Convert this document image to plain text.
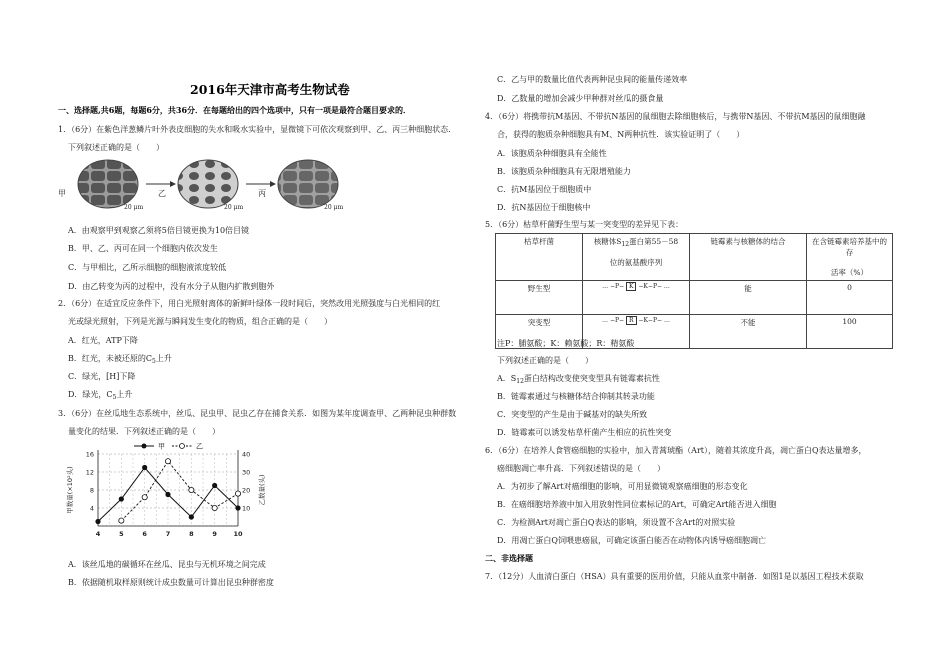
2016年天津市高考生物试卷
一、选择题,共6题，每题6分，共36分．在每题给出的四个选项中，只有一项是最符合题目要求的．
1．（6分）在紫色洋葱鳞片叶外表皮细胞的失水和吸水实验中，显微镜下可依次观察到甲、乙、丙三种细胞状态．
下列叙述正确的是（　　）
甲	乙	丙
20 μm	20 μm	20 μm
A．由观察甲到观察乙须将5倍目镜更换为10倍目镜
B．甲、乙、丙可在同一个细胞内依次发生
C．与甲相比，乙所示细胞的细胞液浓度较低
D．由乙转变为丙的过程中，没有水分子从胞内扩散到胞外
2．（6分）在适宜反应条件下，用白光照射离体的新鲜叶绿体一段时间后，突然改用光照强度与白光相同的红
光或绿光照射，下列是光源与瞬间发生变化的物质，组合正确的是（　　）
A．红光，ATP下降
B．红光，未被还原的$C_5$上升
C．绿光，[H]下降
D．绿光，$C_5$上升
3．（6分）在丝瓜地生态系统中，丝瓜、昆虫甲、昆虫乙存在捕食关系．如图为某年度调查甲、乙两种昆虫种群数
量变化的结果．下列叙述正确的是（　　）
4
8
12
16
10
20
30
40
4	5	6	7	8	9	10
甲数量(×10²头)	乙数量(头)
甲	乙
A．该丝瓜地的碳循环在丝瓜、昆虫与无机环境之间完成
B．依据随机取样原则统计成虫数量可计算出昆虫种群密度
C．乙与甲的数量比值代表两种昆虫间的能量传递效率
D．乙数量的增加会减少甲种群对丝瓜的摄食量
4．（6分）将携带抗M基因、不带抗N基因的鼠细胞去除细胞核后，与携带N基因、不带抗M基因的鼠细胞融
合，获得的胞质杂种细胞具有M、N两种抗性．该实验证明了（　　）
A．该胞质杂种细胞具有全能性
B．该胞质杂种细胞具有无限增殖能力
C．抗M基因位于细胞质中
D．抗N基因位于细胞核中
5．（6分）枯草杆菌野生型与某一突变型的差异见下表：
枯草杆菌	核糖体$S_{12}$蛋白第55－58

位的氨基酸序列	链霉素与核糖体的结合	在含链霉素培养基中的存

活率（%）
野生型	… −P− K −K−P− …	能	0
突变型	… −P− R −K−P− …	不能	100
注P：脯氨酸；K：赖氨酸；R：精氨酸
下列叙述正确的是（　　）
A．$S_{12}$蛋白结构改变使突变型具有链霉素抗性
B．链霉素通过与核糖体结合抑制其转录功能
C．突变型的产生是由于碱基对的缺失所致
D．链霉素可以诱发枯草杆菌产生相应的抗性突变
6．（6分）在培养人食管癌细胞的实验中，加入青蒿琥酯（Art），随着其浓度升高，凋亡蛋白Q表达量增多，
癌细胞凋亡率升高．下列叙述错误的是（　　）
A．为初步了解Art对癌细胞的影响，可用显微镜观察癌细胞的形态变化
B．在癌细胞培养液中加入用放射性同位素标记的Art，可确定Art能否进入细胞
C．为检测Art对凋亡蛋白Q表达的影响，须设置不含Art的对照实验
D．用凋亡蛋白Q饲喂患癌鼠，可确定该蛋白能否在动物体内诱导癌细胞凋亡
二、非选择题
7．（12分）人血清白蛋白（HSA）具有重要的医用价值，只能从血浆中制备．如图1是以基因工程技术获取
